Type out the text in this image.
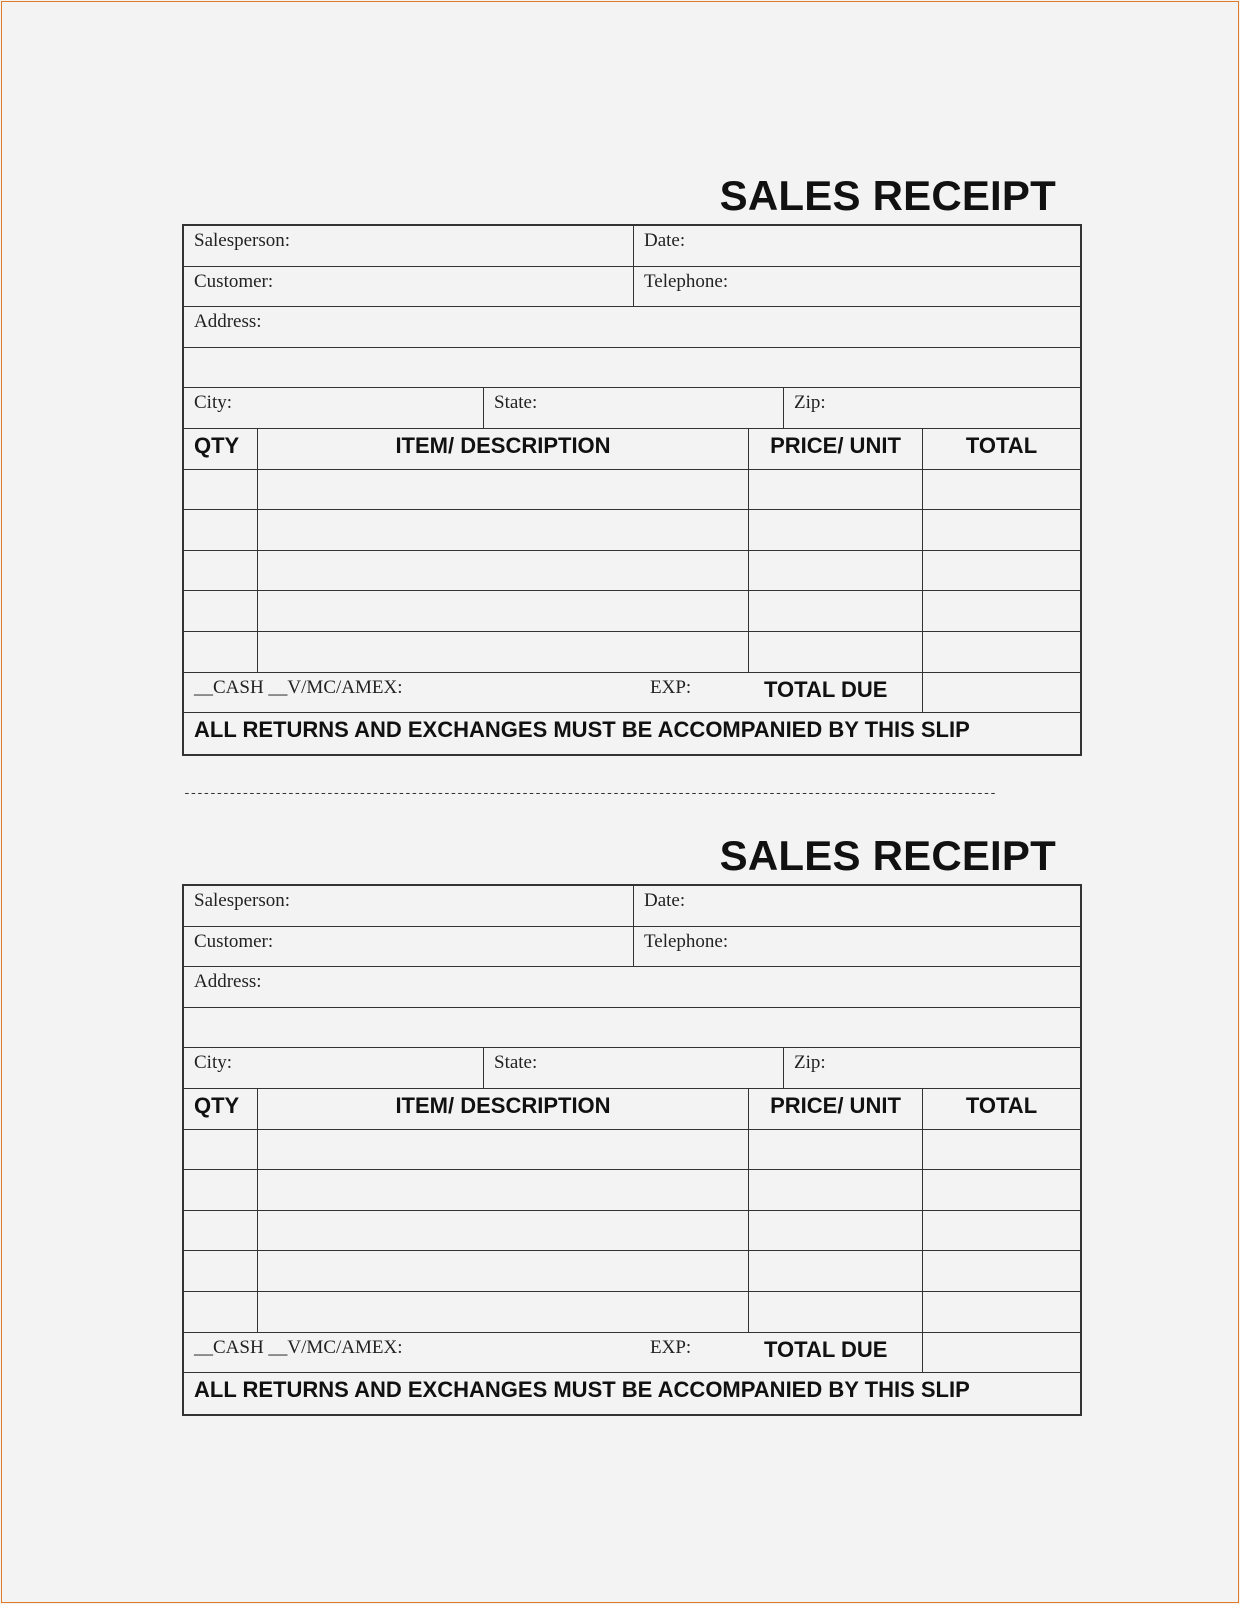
SALES RECEIPT
Salesperson:	Date:
Customer:	Telephone:
Address:
City:	State:	Zip:
QTY	ITEM/ DESCRIPTION	PRICE/ UNIT	TOTAL
__CASH __V/MC/AMEX:	EXP:	TOTAL DUE
ALL RETURNS AND EXCHANGES MUST BE ACCOMPANIED BY THIS SLIP
-----------------------------------------------------------------------------------------------------------------------------
SALES RECEIPT
Salesperson:	Date:
Customer:	Telephone:
Address:
City:	State:	Zip:
QTY	ITEM/ DESCRIPTION	PRICE/ UNIT	TOTAL
__CASH __V/MC/AMEX:	EXP:	TOTAL DUE
ALL RETURNS AND EXCHANGES MUST BE ACCOMPANIED BY THIS SLIP
